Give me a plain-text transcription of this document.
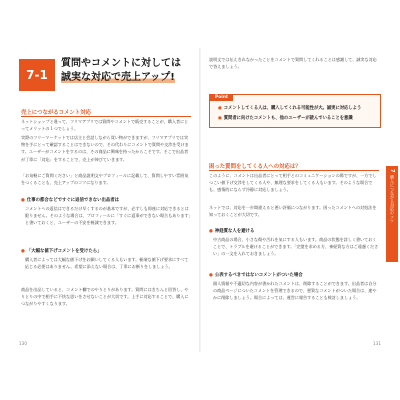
7-1
質問やコメントに対しては
誠実な対応で売上アップ!
売上につながるコメント対応
ネットショップと違って、フリマアプリでは質問やコメントで販売することが、購入者にとってメリットの１つでしょう。
実際のフリーマーケットでは店主と会話しながら買い物ができますが、フリマアプリでは実物を手にとって確認することはできないので、その代わりにコメントで質問や交渉を受けます。ユーザーがコメントをするのは、その商品に興味を持ったからこそです。そこで出品者が丁寧に「対応」をすることで、売上が伸びていきます。
「お気軽にご質問ください」と商品説明文やプロフィールに記載して、質問しやすい雰囲気をつくることも、売上アップのコツになります。
● 仕事の都合などですぐに返信できない出品者は
コメントへの返信はできるだけ早くするのが基本ですが、必ずしも即座に対応できるとは限りません。そのような場合は、プロフィールに「すぐに返事ができない場合もあります」と書いておくと、ユーザーの不安を軽減できます。
● 「大幅な値下げコメントを受けたら」
購入者によっては大幅な値下げをお願いしてくる人もいます。極端な値下げ要求にすべて応じる必要はありません。希望に添えない場合は、丁寧にお断りをしましょう。
商品を出品していると、コメント欄でのやりとりがあります。質問にはきちんと回答し、やりとりの中で相手に不快な思いをさせないことが大切です。上手に対応することで、購入につながりやすくなります。
130
説明文では伝えきれなかったことをコメントで質問してくれることは感謝して、誠実な対応で答えましょう。
Point
● コメントしてくる人は、購入してくれる可能性が大。誠実に対応しよう
● 質問者に向けたコメントも、他のユーザーが読んでいることを意識
困った質問をしてくる人への対応は？
このように、コメントは出品者にとって相手とのコミュニケーションの場ですが、一方でしつこい値下げ交渉をしてくる人や、無理な要求をしてくる人もいます。そのような場合でも、感情的にならず冷静に対応しましょう。
ネットでは、対応を一歩間違えると悪い評価につながります。困ったコメントへの対処法を知っておくことが大切です。
● 神経質な人を避ける
中古商品の場合、小さな傷や汚れを気にする人もいます。商品の状態を詳しく書いておくことで、トラブルを避けることができます。「完璧を求める方、神経質な方はご遠慮ください」の一文を入れておきましょう。
● 公表するべきではないコメントがついた場合
個人情報や不適切な内容が書かれたコメントは、削除することができます。出品者は自分の商品ページについたコメントを管理できるので、悪質なコメントがついた場合は、速やかに削除しましょう。場合によっては、運営に報告することも検討しましょう。
131
7
購入につながる対応のコツ
